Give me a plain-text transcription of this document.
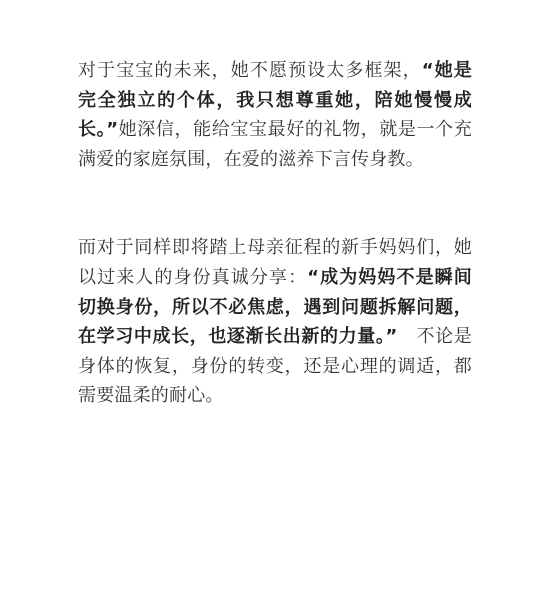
对于宝宝的未来，她不愿预设太多框架，“她是完全独立的个体，我只想尊重她，陪她慢慢成长。”她深信，能给宝宝最好的礼物，就是一个充满爱的家庭氛围，在爱的滋养下言传身教。

而对于同样即将踏上母亲征程的新手妈妈们，她以过来人的身份真诚分享：“成为妈妈不是瞬间切换身份，所以不必焦虑，遇到问题拆解问题，在学习中成长，也逐渐长出新的力量。”　不论是身体的恢复，身份的转变，还是心理的调适，都需要温柔的耐心。
